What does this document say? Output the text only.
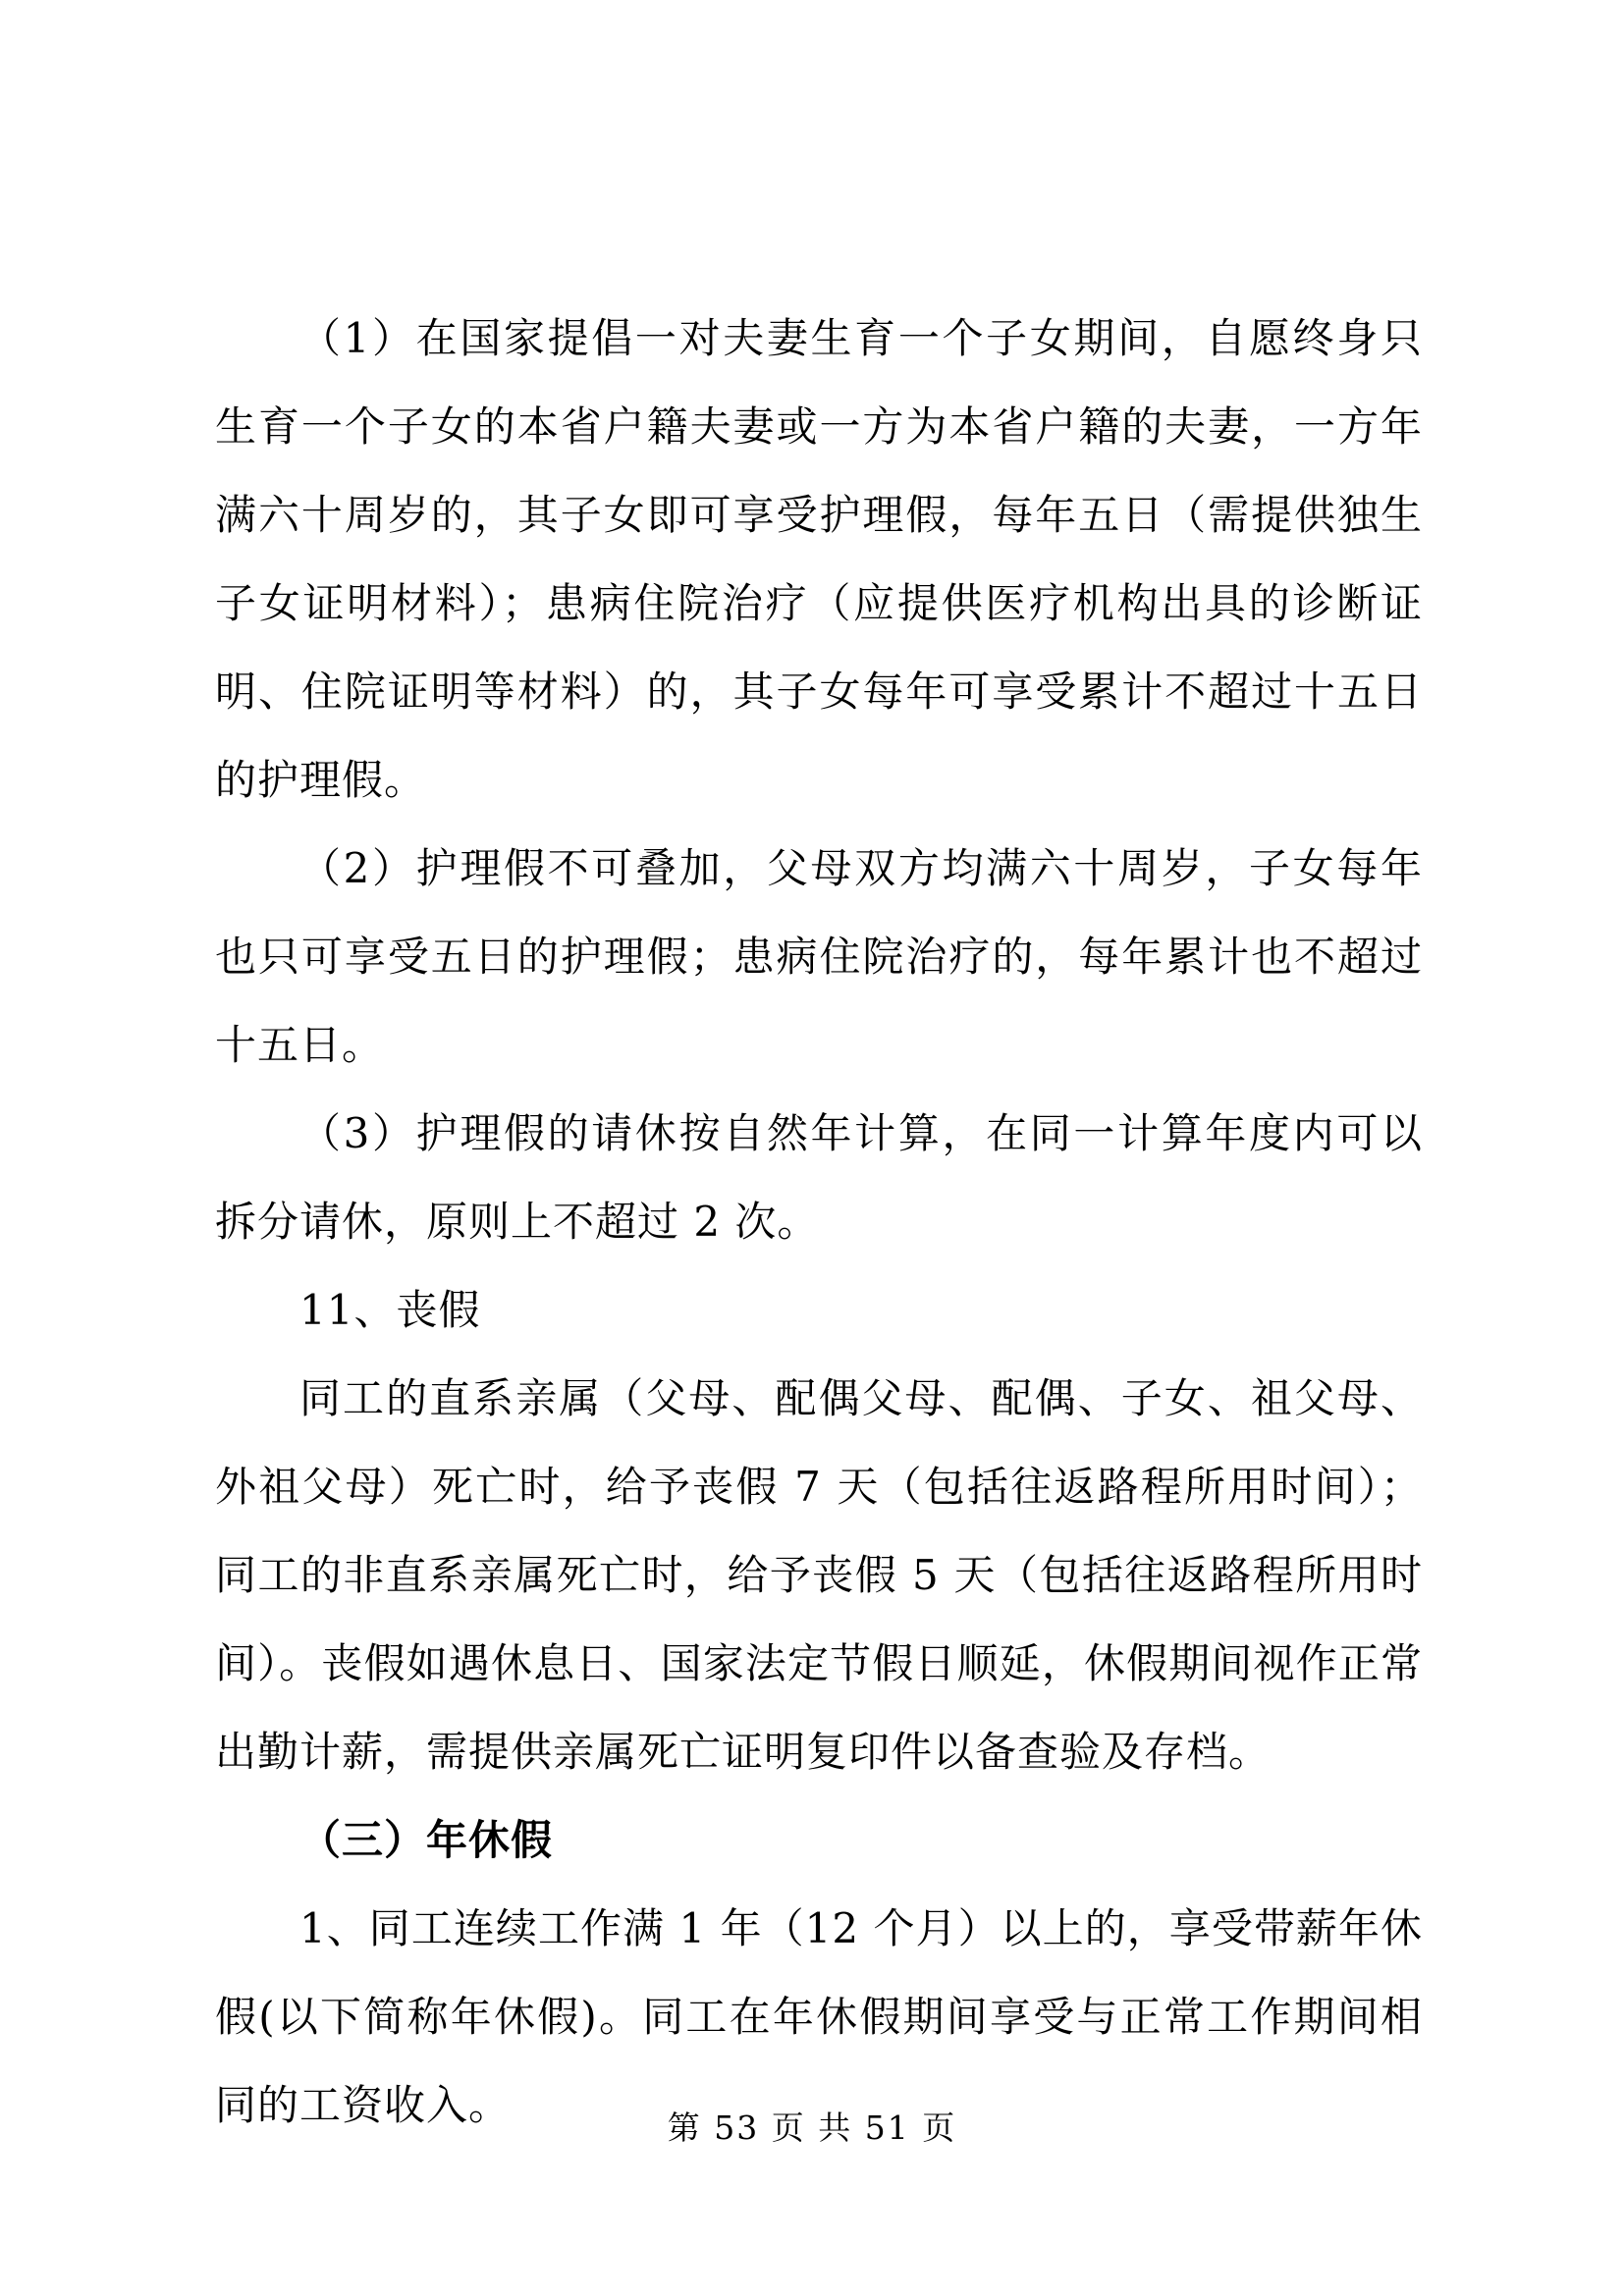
（1）在国家提倡一对夫妻生育一个子女期间，自愿终身只生育一个子女的本省户籍夫妻或一方为本省户籍的夫妻，一方年满六十周岁的，其子女即可享受护理假，每年五日（需提供独生子女证明材料）；患病住院治疗（应提供医疗机构出具的诊断证明、住院证明等材料）的，其子女每年可享受累计不超过十五日的护理假。

（2）护理假不可叠加，父母双方均满六十周岁，子女每年也只可享受五日的护理假；患病住院治疗的，每年累计也不超过十五日。

（3）护理假的请休按自然年计算，在同一计算年度内可以拆分请休，原则上不超过 2 次。

11、丧假

同工的直系亲属（父母、配偶父母、配偶、子女、祖父母、外祖父母）死亡时，给予丧假 7 天（包括往返路程所用时间）；同工的非直系亲属死亡时，给予丧假 5 天（包括往返路程所用时间）。丧假如遇休息日、国家法定节假日顺延，休假期间视作正常出勤计薪，需提供亲属死亡证明复印件以备查验及存档。

（三）年休假

1、同工连续工作满 1 年（12 个月）以上的，享受带薪年休假(以下简称年休假)。同工在年休假期间享受与正常工作期间相同的工资收入。	第 53 页 共 51 页
